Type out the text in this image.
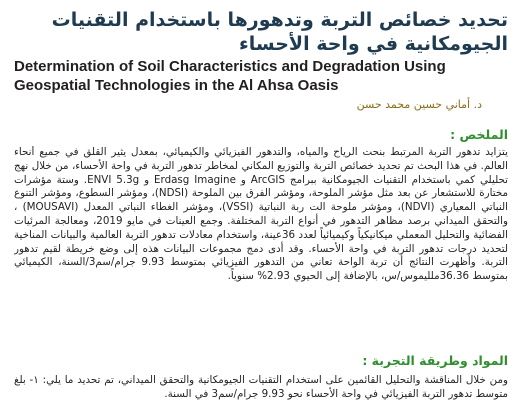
تحديد خصائص التربة وتدهورها باستخدام التقنيات الجيومكانية في واحة الأحساء
Determination of Soil Characteristics and Degradation Using Geospatial Technologies in the Al Ahsa Oasis

د. أماني حسين محمد حسن

الملخص :

يتزايد تدهور التربة المرتبط بنحت الرياح والمياه، والتدهور الفيزيائي والكيميائي، بمعدل يثير القلق في جميع أنحاء العالم. في هذا البحث تم تحديد خصائص التربة والتوزيع المكاني لمخاطر تدهور التربة في واحة الأحساء، من خلال نهج تحليلي كمي باستخدام التقنيات الجيومكانية ببرامج ArcGIS و Erdasg Imagine و ENVI 5.3g. وستة مؤشرات مختارة للاستشعار عن بعد مثل مؤشر الملوحة، ومؤشر الفرق بين الملوحة (NDSI)، ومؤشر السطوع، ومؤشر التنوع النباتي المعياري (NDVI)، ومؤشر ملوحة الت ربة النباتية (VSSI)، ومؤشر الغطاء النباتي المعدل (MOUSAVI) ، والتحقق الميداني برصد مظاهر التدهور في أنواع التربة المختلفة. وجمع العينات في مايو 2019، ومعالجة المرئيات الفضائية والتحليل المعملي ميكانيكياً وكيميائياً لعدد 36عينة، واستخدام معادلات تدهور التربة العالمية والبيانات المناخية لتحديد درجات تدهور التربة في واحة الأحساء. وقد أدى دمج مجموعات البيانات هذه إلى وضع خريطة لقيم تدهور التربة. وأظهرت النتائج أن تربة الواحة تعاني من التدهور الفيزيائي بمتوسط 9.93 جرام/سم3/السنة، الكيميائي بمتوسط 36.36ملليموس/س، بالإضافة إلى الحيوي 2.93% سنوياً.

المواد وطريقة التجربة :

ومن خلال المناقشة والتحليل القائمين على استخدام التقنيات الجيومكانية والتحقق الميداني، تم تحديد ما يلي: ١- بلغ متوسط تدهور التربة الفيزيائي في واحة الأحساء نحو 9.93 جرام/سم3 في السنة.
